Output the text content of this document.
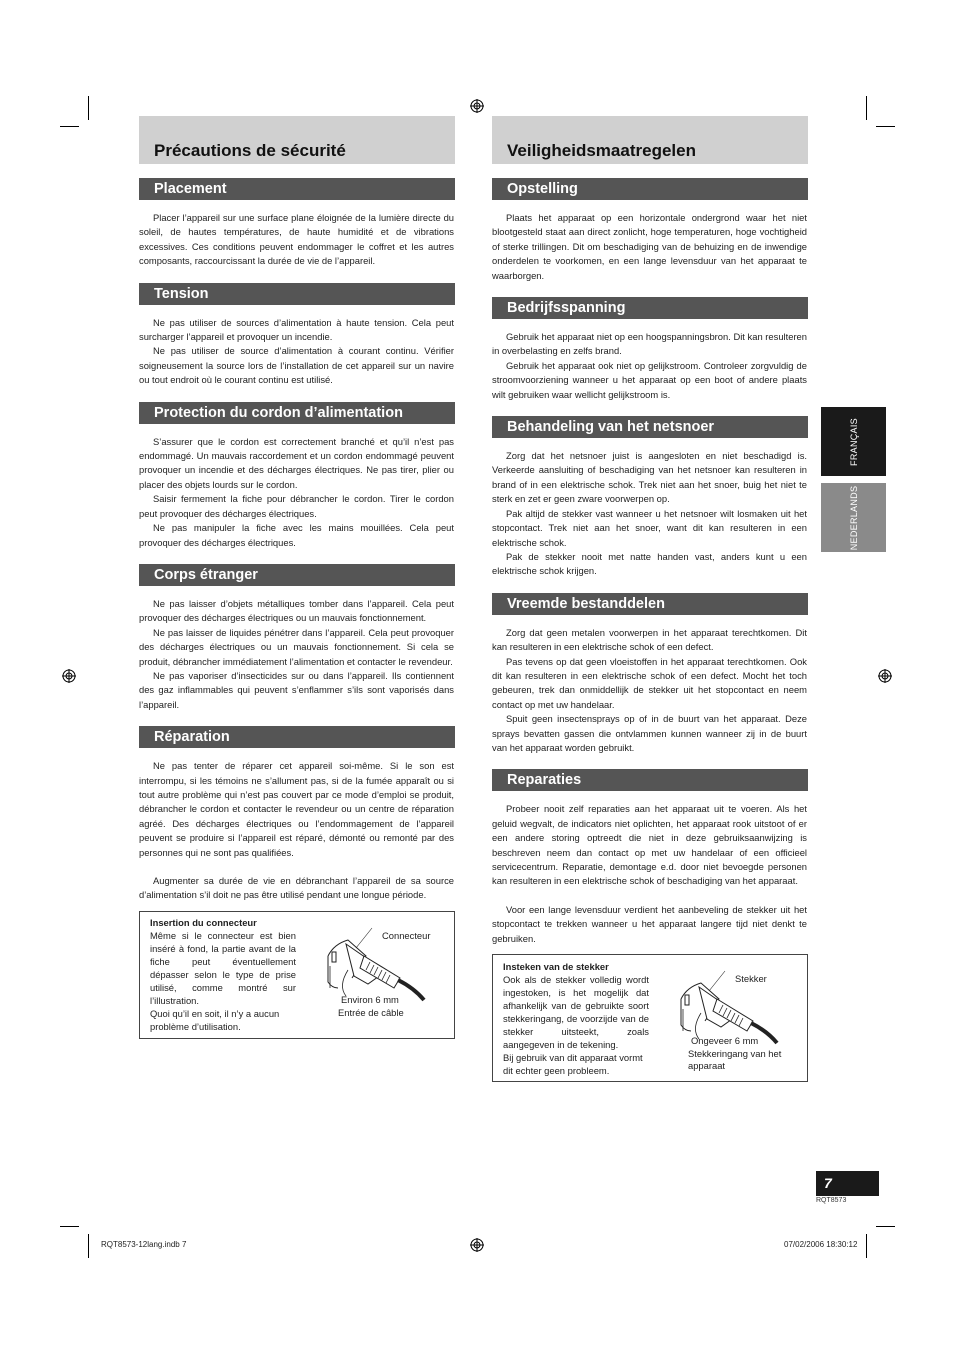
Précautions de sécurité
Placement

Placer l’appareil sur une surface plane éloignée de la lumière directe du soleil, de hautes températures, de haute humidité et de vibrations excessives. Ces conditions peuvent endommager le coffret et les autres composants, raccourcissant la durée de vie de l’appareil.

Tension

Ne pas utiliser de sources d’alimentation à haute tension. Cela peut surcharger l’appareil et provoquer un incendie.

Ne pas utiliser de source d’alimentation à courant continu. Vérifier soigneusement la source lors de l’installation de cet appareil sur un navire ou tout endroit où le courant continu est utilisé.

Protection du cordon d’alimentation

S’assurer que le cordon est correctement branché et qu’il n’est pas endommagé. Un mauvais raccordement et un cordon endommagé peuvent provoquer un incendie et des décharges électriques. Ne pas tirer, plier ou placer des objets lourds sur le cordon.

Saisir fermement la fiche pour débrancher le cordon. Tirer le cordon peut provoquer des décharges électriques.

Ne pas manipuler la fiche avec les mains mouillées. Cela peut provoquer des décharges électriques.

Corps étranger

Ne pas laisser d’objets métalliques tomber dans l’appareil. Cela peut provoquer des décharges électriques ou un mauvais fonctionnement.

Ne pas laisser de liquides pénétrer dans l’appareil. Cela peut provoquer des décharges électriques ou un mauvais fonctionnement. Si cela se produit, débrancher immédiatement l’alimentation et contacter le revendeur.

Ne pas vaporiser d’insecticides sur ou dans l’appareil. Ils contiennent des gaz inflammables qui peuvent s’enflammer s’ils sont vaporisés dans l’appareil.

Réparation

Ne pas tenter de réparer cet appareil soi-même. Si le son est interrompu, si les témoins ne s’allument pas, si de la fumée apparaît ou si tout autre problème qui n’est pas couvert par ce mode d’emploi se produit, débrancher le cordon et contacter le revendeur ou un centre de réparation agréé. Des décharges électriques ou l’endommagement de l’appareil peuvent se produire si l’appareil est réparé, démonté ou remonté par des personnes qui ne sont pas qualifiées.

Augmenter sa durée de vie en débranchant l’appareil de sa source d’alimentation s’il doit ne pas être utilisé pendant une longue période.

Insertion du connecteur
Même si le connecteur est bien inséré à fond, la partie avant de la fiche peut éventuellement dépasser selon le type de prise utilisé, comme montré sur l’illustration.
Quoi qu’il en soit, il n’y a aucun problème d’utilisation.
Connecteur
Environ 6 mm
Entrée de câble
Veiligheidsmaatregelen
Opstelling

Plaats het apparaat op een horizontale ondergrond waar het niet blootgesteld staat aan direct zonlicht, hoge temperaturen, hoge vochtigheid of sterke trillingen. Dit om beschadiging van de behuizing en de inwendige onderdelen te voorkomen, en een lange levensduur van het apparaat te waarborgen.

Bedrijfsspanning

Gebruik het apparaat niet op een hoogspanningsbron. Dit kan resulteren in overbelasting en zelfs brand.

Gebruik het apparaat ook niet op gelijkstroom. Controleer zorgvuldig de stroomvoorziening wanneer u het apparaat op een boot of andere plaats wilt gebruiken waar wellicht gelijkstroom is.

Behandeling van het netsnoer

Zorg dat het netsnoer juist is aangesloten en niet beschadigd is. Verkeerde aansluiting of beschadiging van het netsnoer kan resulteren in brand of in een elektrische schok. Trek niet aan het snoer, buig het niet te sterk en zet er geen zware voorwerpen op.

Pak altijd de stekker vast wanneer u het netsnoer wilt losmaken uit het stopcontact. Trek niet aan het snoer, want dit kan resulteren in een elektrische schok.

Pak de stekker nooit met natte handen vast, anders kunt u een elektrische schok krijgen.

Vreemde bestanddelen

Zorg dat geen metalen voorwerpen in het apparaat terechtkomen. Dit kan resulteren in een elektrische schok of een defect.

Pas tevens op dat geen vloeistoffen in het apparaat terechtkomen. Ook dit kan resulteren in een elektrische schok of een defect. Mocht het toch gebeuren, trek dan onmiddellijk de stekker uit het stopcontact en neem contact op met uw handelaar.

Spuit geen insectensprays op of in de buurt van het apparaat. Deze sprays bevatten gassen die ontvlammen kunnen wanneer zij in de buurt van het apparaat worden gebruikt.

Reparaties

Probeer nooit zelf reparaties aan het apparaat uit te voeren. Als het geluid wegvalt, de indicators niet oplichten, het apparaat rook uitstoot of er een andere storing optreedt die niet in deze gebruiksaanwijzing is beschreven neem dan contact op met uw handelaar of een officieel servicecentrum. Reparatie, demontage e.d. door niet bevoegde personen kan resulteren in een elektrische schok of beschadiging van het apparaat.

Voor een lange levensduur verdient het aanbeveling de stekker uit het stopcontact te trekken wanneer u het apparaat langere tijd niet denkt te gebruiken.

Insteken van de stekker
Ook als de stekker volledig wordt ingestoken, is het mogelijk dat afhankelijk van de gebruikte soort stekkeringang, de voorzijde van de stekker uitsteekt, zoals aangegeven in de tekening.
Bij gebruik van dit apparaat vormt dit echter geen probleem.
Stekker
Ongeveer 6 mm
Stekkeringang van het apparaat
FRANÇAIS
NEDERLANDS
7
RQT8573
RQT8573-12lang.indb 7	07/02/2006 18:30:12
